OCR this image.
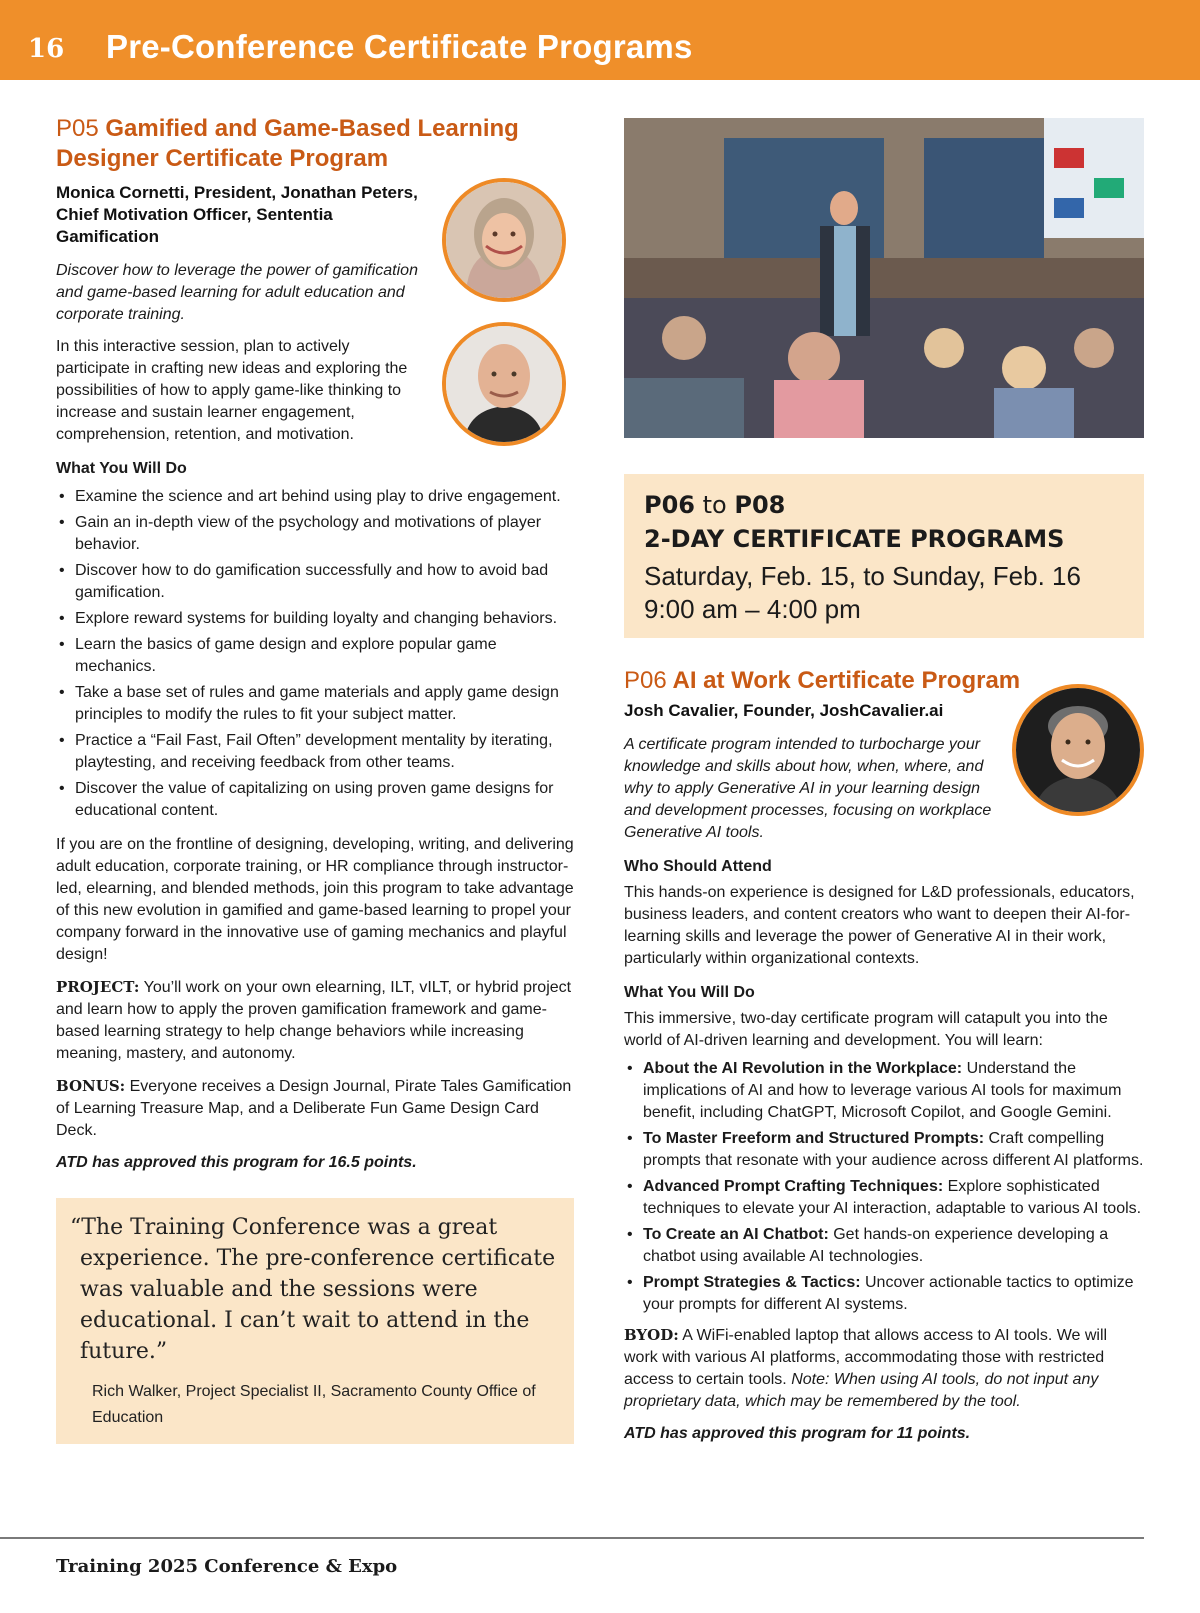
16 Pre-Conference Certificate Programs
P05 Gamified and Game-Based Learning Designer Certificate Program

Monica Cornetti, President, Jonathan Peters, Chief Motivation Officer, Sententia Gamification

Discover how to leverage the power of gamification and game-based learning for adult education and corporate training.

In this interactive session, plan to actively participate in crafting new ideas and exploring the possibilities of how to apply game-like thinking to increase and sustain learner engagement, comprehension, retention, and motivation.

What You Will Do

• Examine the science and art behind using play to drive engagement.
• Gain an in-depth view of the psychology and motivations of player behavior.
• Discover how to do gamification successfully and how to avoid bad gamification.
• Explore reward systems for building loyalty and changing behaviors.
• Learn the basics of game design and explore popular game mechanics.
• Take a base set of rules and game materials and apply game design principles to modify the rules to fit your subject matter.
• Practice a “Fail Fast, Fail Often” development mentality by iterating, playtesting, and receiving feedback from other teams.
• Discover the value of capitalizing on using proven game designs for educational content.

If you are on the frontline of designing, developing, writing, and delivering adult education, corporate training, or HR compliance through instructor-led, elearning, and blended methods, join this program to take advantage of this new evolution in gamified and game-based learning to propel your company forward in the innovative use of gaming mechanics and playful design!

PROJECT: You’ll work on your own elearning, ILT, vILT, or hybrid project and learn how to apply the proven gamification framework and game-based learning strategy to help change behaviors while increasing meaning, mastery, and autonomy.

BONUS: Everyone receives a Design Journal, Pirate Tales Gamification of Learning Treasure Map, and a Deliberate Fun Game Design Card Deck.

ATD has approved this program for 16.5 points.

“The Training Conference was a great experience. The pre-conference certificate was valuable and the sessions were educational. I can’t wait to attend in the future.”

Rich Walker, Project Specialist II, Sacramento County Office of Education

P06 to P08
2-DAY CERTIFICATE PROGRAMS
Saturday, Feb. 15, to Sunday, Feb. 16
9:00 am – 4:00 pm
P06 AI at Work Certificate Program

Josh Cavalier, Founder, JoshCavalier.ai

A certificate program intended to turbocharge your knowledge and skills about how, when, where, and why to apply Generative AI in your learning design and development processes, focusing on workplace Generative AI tools.

Who Should Attend

This hands-on experience is designed for L&D professionals, educators, business leaders, and content creators who want to deepen their AI-for-learning skills and leverage the power of Generative AI in their work, particularly within organizational contexts.

What You Will Do

This immersive, two-day certificate program will catapult you into the world of AI-driven learning and development. You will learn:

• About the AI Revolution in the Workplace: Understand the implications of AI and how to leverage various AI tools for maximum benefit, including ChatGPT, Microsoft Copilot, and Google Gemini.
• To Master Freeform and Structured Prompts: Craft compelling prompts that resonate with your audience across different AI platforms.
• Advanced Prompt Crafting Techniques: Explore sophisticated techniques to elevate your AI interaction, adaptable to various AI tools.
• To Create an AI Chatbot: Get hands-on experience developing a chatbot using available AI technologies.
• Prompt Strategies & Tactics: Uncover actionable tactics to optimize your prompts for different AI systems.

BYOD: A WiFi-enabled laptop that allows access to AI tools. We will work with various AI platforms, accommodating those with restricted access to certain tools. Note: When using AI tools, do not input any proprietary data, which may be remembered by the tool.

ATD has approved this program for 11 points.

Training 2025 Conference & Expo
